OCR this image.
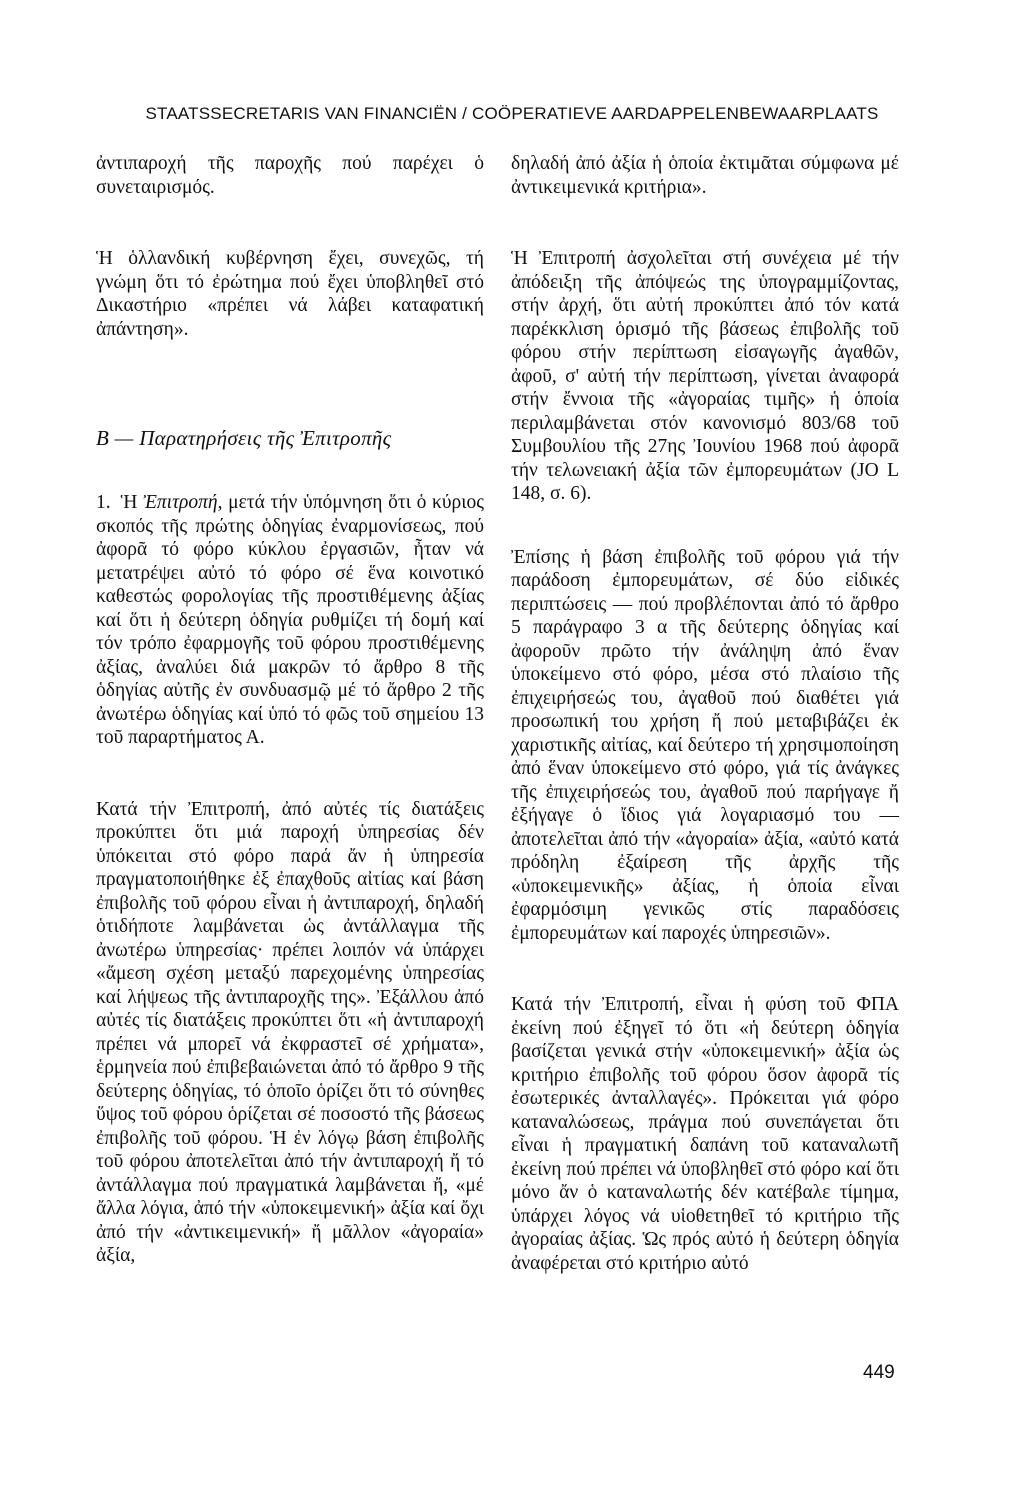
STAATSSECRETARIS VAN FINANCIËN / COÖPERATIEVE AARDAPPELENBEWAARPLAATS

ἀντιπαροχή τῆς παροχῆς πού παρέχει ὁ συνεταιρισμός.

Ἡ ὁλλανδική κυβέρνηση ἔχει, συνεχῶς, τή γνώμη ὅτι τό ἐρώτημα πού ἔχει ὑποβληθεῖ στό Δικαστήριο «πρέπει νά λάβει καταφατική ἀπάντηση».

B — Παρατηρήσεις τῆς Ἐπιτροπῆς

1. Ἡ Ἐπιτροπή, μετά τήν ὑπόμνηση ὅτι ὁ κύριος σκοπός τῆς πρώτης ὁδηγίας ἐναρμονίσεως, πού ἀφορᾶ τό φόρο κύκλου ἐργασιῶν, ἦταν νά μετατρέψει αὐτό τό φόρο σέ ἕνα κοινοτικό καθεστώς φορολογίας τῆς προστιθέμενης ἀξίας καί ὅτι ἡ δεύτερη ὁδηγία ρυθμίζει τή δομή καί τόν τρόπο ἐφαρμογῆς τοῦ φόρου προστιθέμενης ἀξίας, ἀναλύει διά μακρῶν τό ἄρθρο 8 τῆς ὁδηγίας αὐτῆς ἐν συνδυασμῷ μέ τό ἄρθρο 2 τῆς ἀνωτέρω ὁδηγίας καί ὑπό τό φῶς τοῦ σημείου 13 τοῦ παραρτήματος Α.

Κατά τήν Ἐπιτροπή, ἀπό αὐτές τίς διατάξεις προκύπτει ὅτι μιά παροχή ὑπηρεσίας δέν ὑπόκειται στό φόρο παρά ἄν ἡ ὑπηρεσία πραγματοποιήθηκε ἐξ ἐπαχθοῦς αἰτίας καί βάση ἐπιβολῆς τοῦ φόρου εἶναι ἡ ἀντιπαροχή, δηλαδή ὁτιδήποτε λαμβάνεται ὡς ἀντάλλαγμα τῆς ἀνωτέρω ὑπηρεσίας· πρέπει λοιπόν νά ὑπάρχει «ἄμεση σχέση μεταξύ παρεχομένης ὑπηρεσίας καί λήψεως τῆς ἀντιπαροχῆς της». Ἐξάλλου ἀπό αὐτές τίς διατάξεις προκύπτει ὅτι «ἡ ἀντιπαροχή πρέπει νά μπορεῖ νά ἐκφραστεῖ σέ χρήματα», ἑρμηνεία πού ἐπιβεβαιώνεται ἀπό τό ἄρθρο 9 τῆς δεύτερης ὁδηγίας, τό ὁποῖο ὁρίζει ὅτι τό σύνηθες ὕψος τοῦ φόρου ὁρίζεται σέ ποσοστό τῆς βάσεως ἐπιβολῆς τοῦ φόρου. Ἡ ἐν λόγῳ βάση ἐπιβολῆς τοῦ φόρου ἀποτελεῖται ἀπό τήν ἀντιπαροχή ἤ τό ἀντάλλαγμα πού πραγματικά λαμβάνεται ἤ, «μέ ἄλλα λόγια, ἀπό τήν «ὑποκειμενική» ἀξία καί ὄχι ἀπό τήν «ἀντικειμενική» ἤ μᾶλλον «ἀγοραία» ἀξία,

δηλαδή ἀπό ἀξία ἡ ὁποία ἐκτιμᾶται σύμφωνα μέ ἀντικειμενικά κριτήρια».

Ἡ Ἐπιτροπή ἀσχολεῖται στή συνέχεια μέ τήν ἀπόδειξη τῆς ἀπόψεώς της ὑπογραμμίζοντας, στήν ἀρχή, ὅτι αὐτή προκύπτει ἀπό τόν κατά παρέκκλιση ὁρισμό τῆς βάσεως ἐπιβολῆς τοῦ φόρου στήν περίπτωση εἰσαγωγῆς ἀγαθῶν, ἀφοῦ, σ' αὐτή τήν περίπτωση, γίνεται ἀναφορά στήν ἔννοια τῆς «ἀγοραίας τιμῆς» ἡ ὁποία περιλαμβάνεται στόν κανονισμό 803/68 τοῦ Συμβουλίου τῆς 27ης Ἰουνίου 1968 πού ἀφορᾶ τήν τελωνειακή ἀξία τῶν ἐμπορευμάτων (JO L 148, σ. 6).

Ἐπίσης ἡ βάση ἐπιβολῆς τοῦ φόρου γιά τήν παράδοση ἐμπορευμάτων, σέ δύο εἰδικές περιπτώσεις — πού προβλέπονται ἀπό τό ἄρθρο 5 παράγραφο 3 α τῆς δεύτερης ὁδηγίας καί ἀφοροῦν πρῶτο τήν ἀνάληψη ἀπό ἕναν ὑποκείμενο στό φόρο, μέσα στό πλαίσιο τῆς ἐπιχειρήσεώς του, ἀγαθοῦ πού διαθέτει γιά προσωπική του χρήση ἤ πού μεταβιβάζει ἐκ χαριστικῆς αἰτίας, καί δεύτερο τή χρησιμοποίηση ἀπό ἕναν ὑποκείμενο στό φόρο, γιά τίς ἀνάγκες τῆς ἐπιχειρήσεώς του, ἀγαθοῦ πού παρήγαγε ἤ ἐξήγαγε ὁ ἴδιος γιά λογαριασμό του — ἀποτελεῖται ἀπό τήν «ἀγοραία» ἀξία, «αὐτό κατά πρόδηλη ἐξαίρεση τῆς ἀρχῆς τῆς «ὑποκειμενικῆς» ἀξίας, ἡ ὁποία εἶναι ἐφαρμόσιμη γενικῶς στίς παραδόσεις ἐμπορευμάτων καί παροχές ὑπηρεσιῶν».

Κατά τήν Ἐπιτροπή, εἶναι ἡ φύση τοῦ ΦΠΑ ἐκείνη πού ἐξηγεῖ τό ὅτι «ἡ δεύτερη ὁδηγία βασίζεται γενικά στήν «ὑποκειμενική» ἀξία ὡς κριτήριο ἐπιβολῆς τοῦ φόρου ὅσον ἀφορᾶ τίς ἐσωτερικές ἀνταλλαγές». Πρόκειται γιά φόρο καταναλώσεως, πράγμα πού συνεπάγεται ὅτι εἶναι ἡ πραγματική δαπάνη τοῦ καταναλωτῆ ἐκείνη πού πρέπει νά ὑποβληθεῖ στό φόρο καί ὅτι μόνο ἄν ὁ καταναλωτής δέν κατέβαλε τίμημα, ὑπάρχει λόγος νά υἱοθετηθεῖ τό κριτήριο τῆς ἀγοραίας ἀξίας. Ὡς πρός αὐτό ἡ δεύτερη ὁδηγία ἀναφέρεται στό κριτήριο αὐτό

449
